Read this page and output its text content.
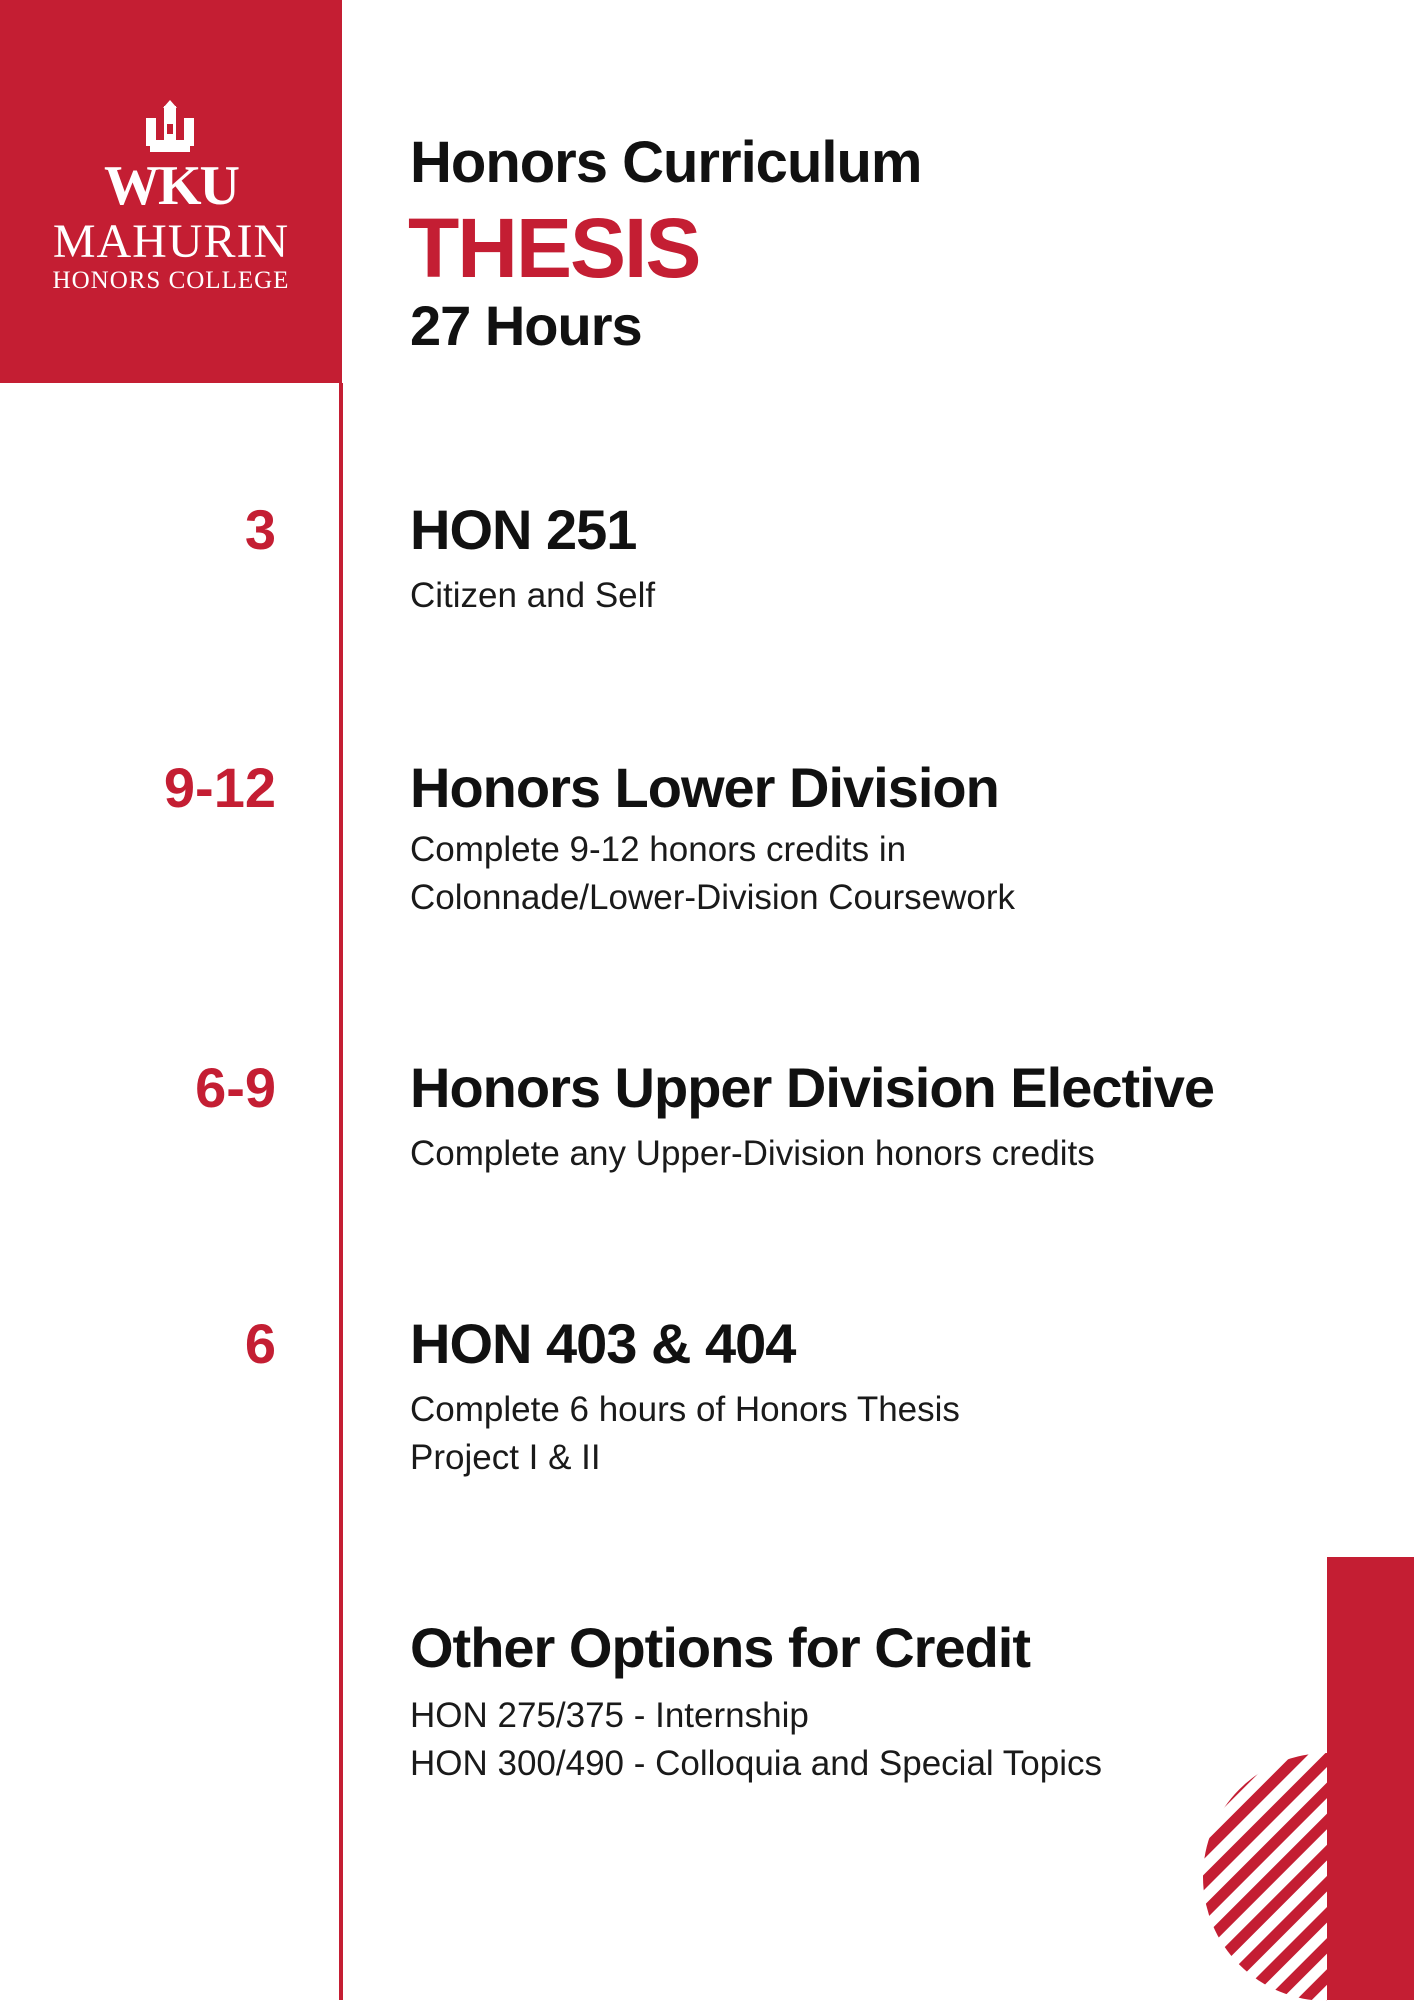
WKU
MAHURIN
HONORS COLLEGE
Honors Curriculum
THESIS
27 Hours
3 HON 251
Citizen and Self
9-12 Honors Lower Division
Complete 9-12 honors credits in
Colonnade/Lower-Division Coursework
6-9 Honors Upper Division Elective
Complete any Upper-Division honors credits
6 HON 403 & 404
Complete 6 hours of Honors Thesis
Project I & II
Other Options for Credit
HON 275/375 - Internship
HON 300/490 - Colloquia and Special Topics
